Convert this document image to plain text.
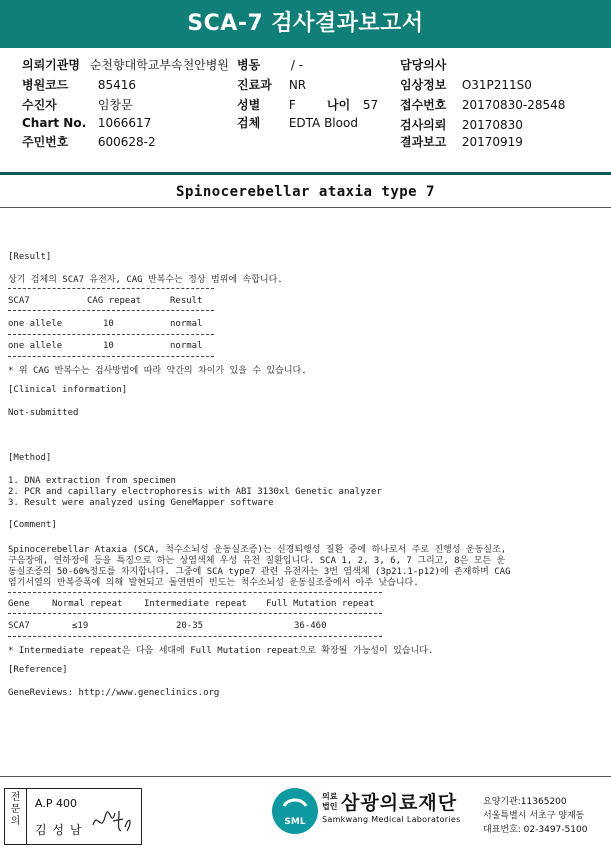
SCA-7 검사결과보고서
의뢰기관명 순천향대학교부속천안병원 병동	/ -	담당의사
병원코드 85416	진료과 NR	임상정보 O31P211S0
수진자	임창문	성별 F	나이 57 접수번호 20170830-28548
Chart No. 1066617	검체 EDTA Blood	검사의뢰 20170830
주민번호 600628-2	결과보고 20170919
Spinocerebellar ataxia type 7
[Result]
상기 검체의 SCA7 유전자, CAG 반복수는 정상 범위에 속합니다.
SCA7	CAG repeat	Result
one allele	10	normal
one allele	10	normal
* 위 CAG 반복수는 검사방법에 따라 약간의 차이가 있을 수 있습니다.
[Clinical information]
Not-submitted
[Method]
1. DNA extraction from specimen
2. PCR and capillary electrophoresis with ABI 3130xl Genetic analyzer
3. Result were analyzed using GeneMapper software
[Comment]
Spinocerebellar Ataxia (SCA, 척수소뇌성 운동실조증)는 신경퇴행성 질환 중에 하나로서 주로 진행성 운동실조,
구음장애, 연하장애 등을 특징으로 하는 상염색체 우성 유전 질환입니다. SCA 1, 2, 3, 6, 7 그리고, 8은 모든 운
동실조증의 50-60%정도를 차지합니다. 그중에 SCA type7 관련 유전자는 3번 염색체 (3p21.1-p12)에 존재하며 CAG
염기서열의 반복증폭에 의해 발현되고 돌연변이 빈도는 척수소뇌성 운동실조증에서 아주 낮습니다.
Gene Normal repeat Intermediate repeat Full Mutation repeat
SCA7	≤19	20-35	36-460
* Intermediate repeat은 다음 세대에 Full Mutation repeat으로 확장될 가능성이 있습니다.
[Reference]
GeneReviews: http://www.geneclinics.org
전문의
A.P 400
김 성 남
SML
의료 법인 삼광의료재단
Samkwang Medical Laboratories
요양기관:11365200
서울특별시 서초구 양재동
대표번호: 02-3497-5100
